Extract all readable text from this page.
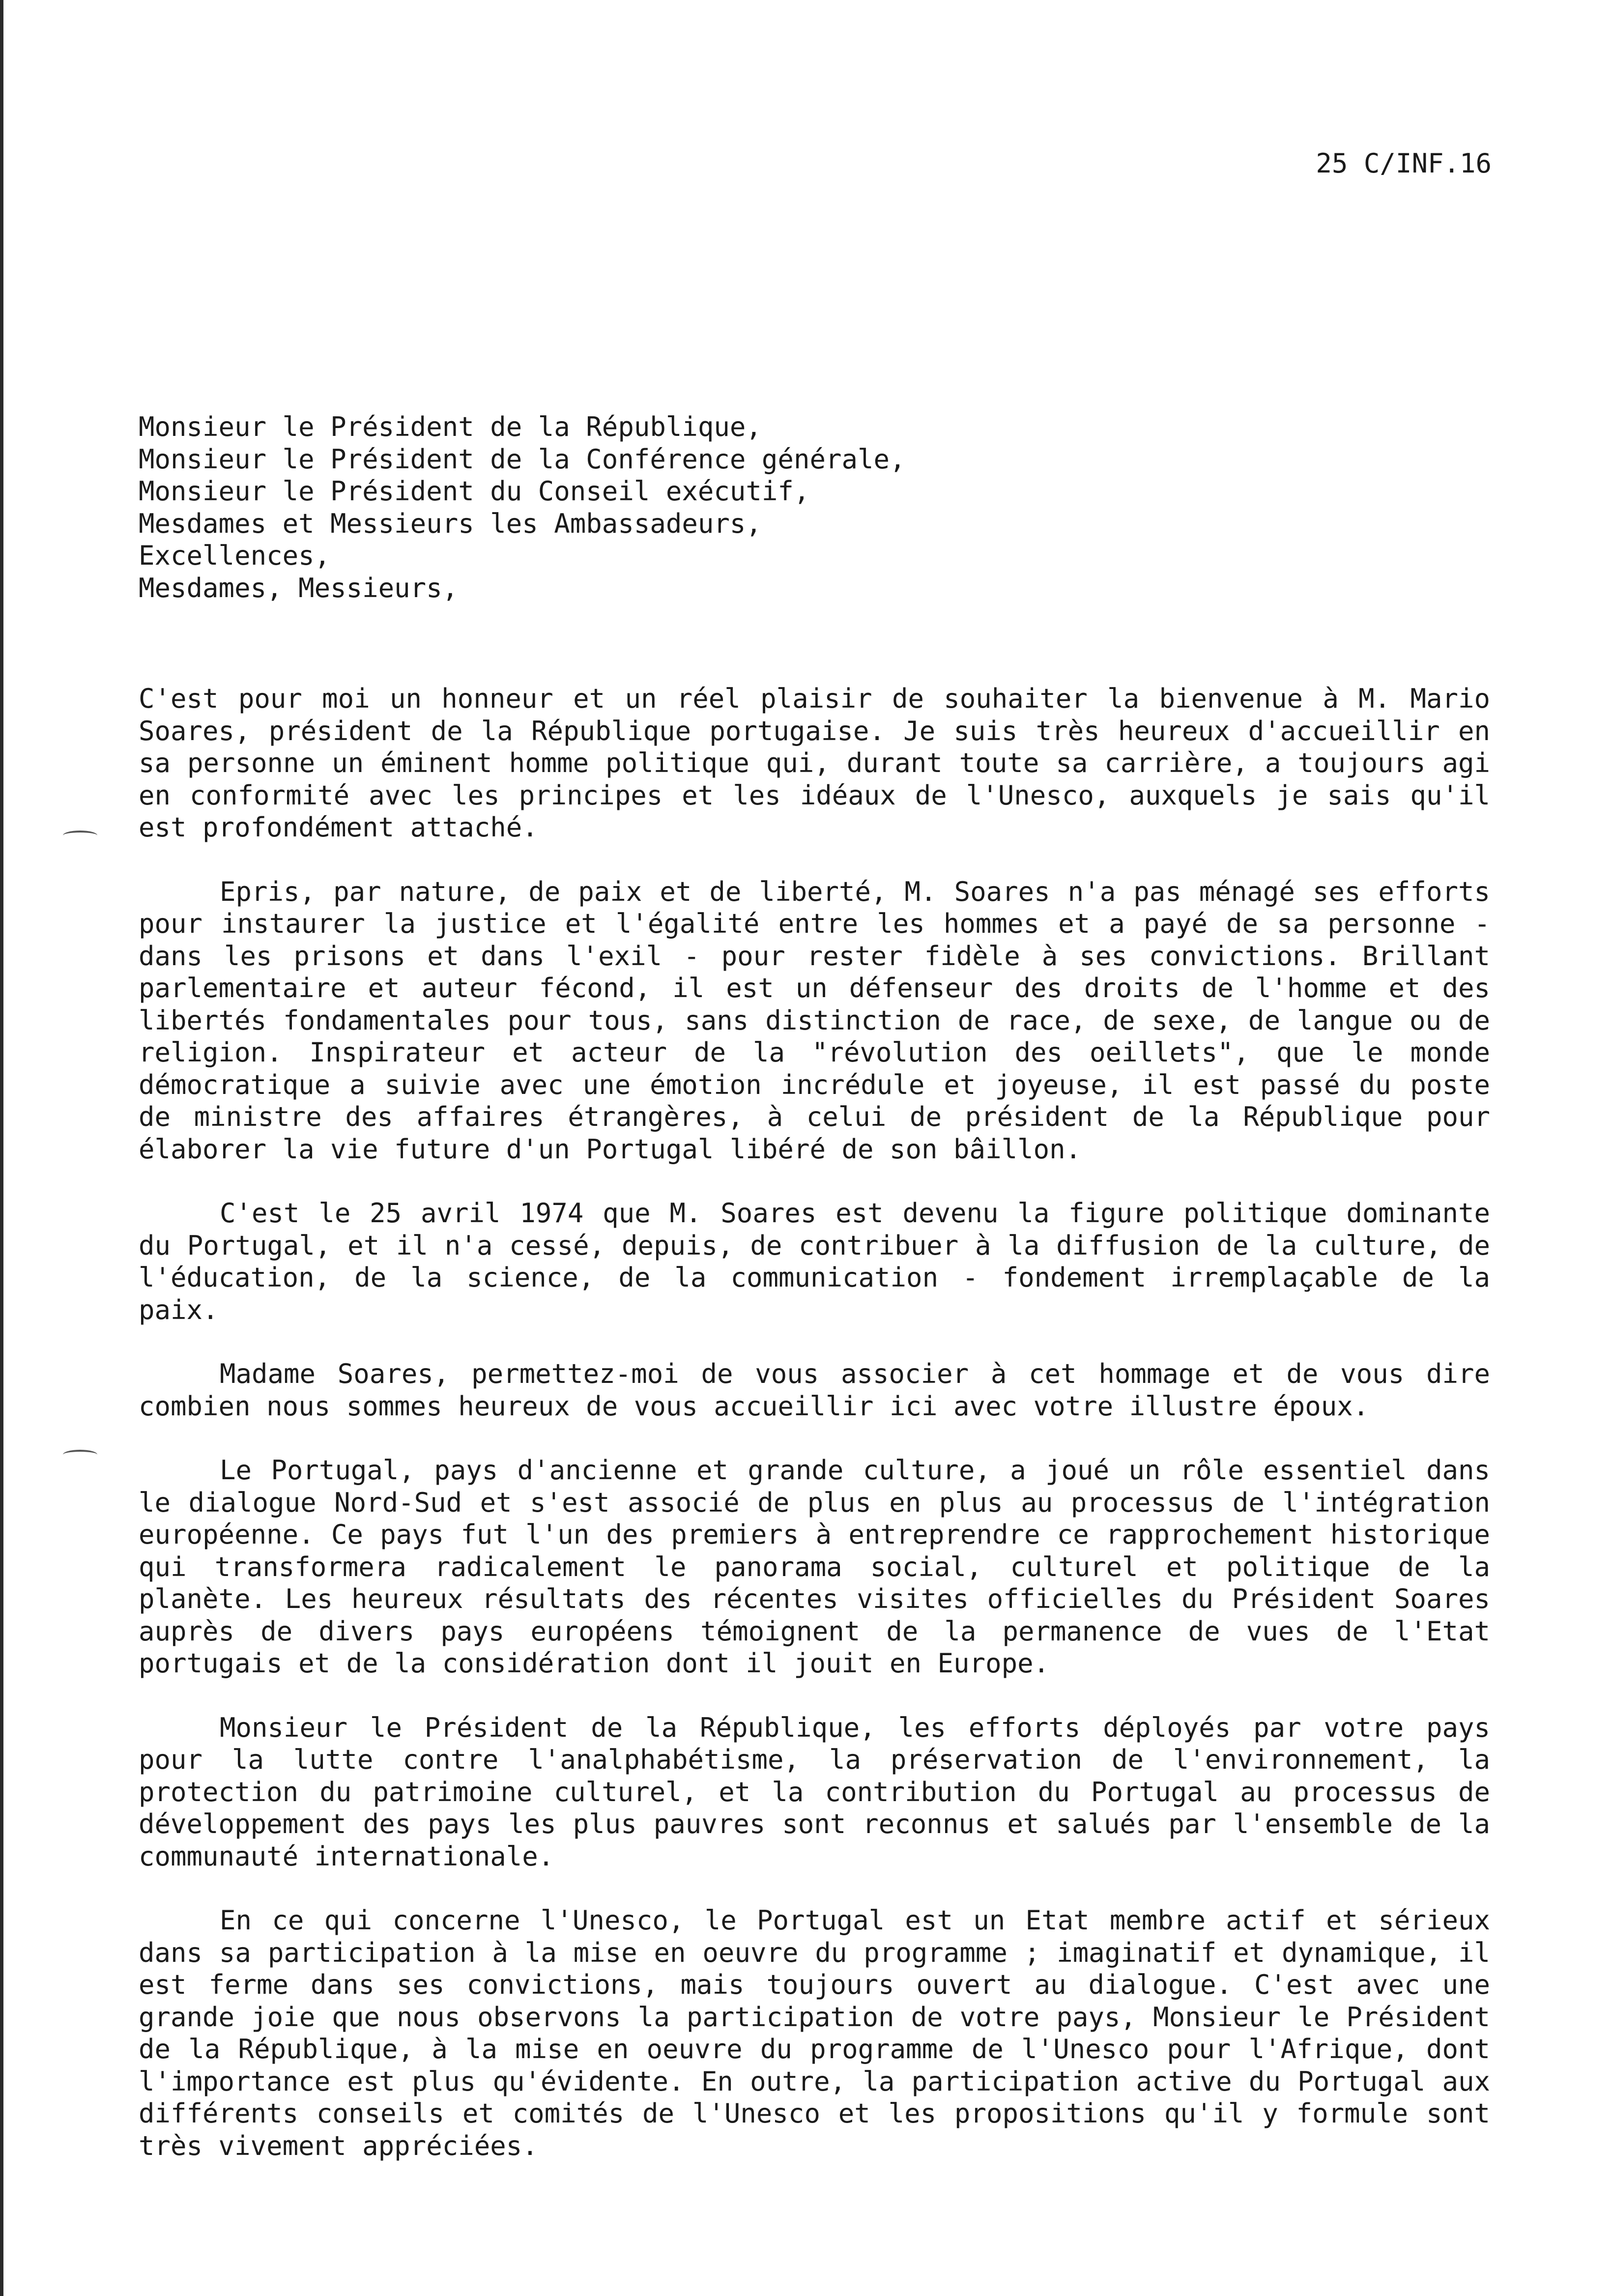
25 C/INF.16
Monsieur le Président de la République,
Monsieur le Président de la Conférence générale,
Monsieur le Président du Conseil exécutif,
Mesdames et Messieurs les Ambassadeurs,
Excellences,
Mesdames, Messieurs,

C'est pour moi un honneur et un réel plaisir de souhaiter la bienvenue à M. Mario Soares, président de la République portugaise. Je suis très heureux d'accueillir en sa personne un éminent homme politique qui, durant toute sa carrière, a toujours agi en conformité avec les principes et les idéaux de l'Unesco, auxquels je sais qu'il est profondément attaché.

Epris, par nature, de paix et de liberté, M. Soares n'a pas ménagé ses efforts pour instaurer la justice et l'égalité entre les hommes et a payé de sa personne - dans les prisons et dans l'exil - pour rester fidèle à ses convictions. Brillant parlementaire et auteur fécond, il est un défenseur des droits de l'homme et des libertés fondamentales pour tous, sans distinction de race, de sexe, de langue ou de religion. Inspirateur et acteur de la "révolution des oeillets", que le monde démocratique a suivie avec une émotion incrédule et joyeuse, il est passé du poste de ministre des affaires étrangères, à celui de président de la République pour élaborer la vie future d'un Portugal libéré de son bâillon.

C'est le 25 avril 1974 que M. Soares est devenu la figure politique dominante du Portugal, et il n'a cessé, depuis, de contribuer à la diffusion de la culture, de l'éducation, de la science, de la communication - fondement irremplaçable de la paix.

Madame Soares, permettez-moi de vous associer à cet hommage et de vous dire combien nous sommes heureux de vous accueillir ici avec votre illustre époux.

Le Portugal, pays d'ancienne et grande culture, a joué un rôle essentiel dans le dialogue Nord-Sud et s'est associé de plus en plus au processus de l'intégration européenne. Ce pays fut l'un des premiers à entreprendre ce rapprochement historique qui transformera radicalement le panorama social, culturel et politique de la planète. Les heureux résultats des récentes visites officielles du Président Soares auprès de divers pays européens témoignent de la permanence de vues de l'Etat portugais et de la considération dont il jouit en Europe.

Monsieur le Président de la République, les efforts déployés par votre pays pour la lutte contre l'analphabétisme, la préservation de l'environnement, la protection du patrimoine culturel, et la contribution du Portugal au processus de développement des pays les plus pauvres sont reconnus et salués par l'ensemble de la communauté internationale.

En ce qui concerne l'Unesco, le Portugal est un Etat membre actif et sérieux dans sa participation à la mise en oeuvre du programme ; imaginatif et dynamique, il est ferme dans ses convictions, mais toujours ouvert au dialogue. C'est avec une grande joie que nous observons la participation de votre pays, Monsieur le Président de la République, à la mise en oeuvre du programme de l'Unesco pour l'Afrique, dont l'importance est plus qu'évidente. En outre, la participation active du Portugal aux différents conseils et comités de l'Unesco et les propositions qu'il y formule sont très vivement appréciées.
